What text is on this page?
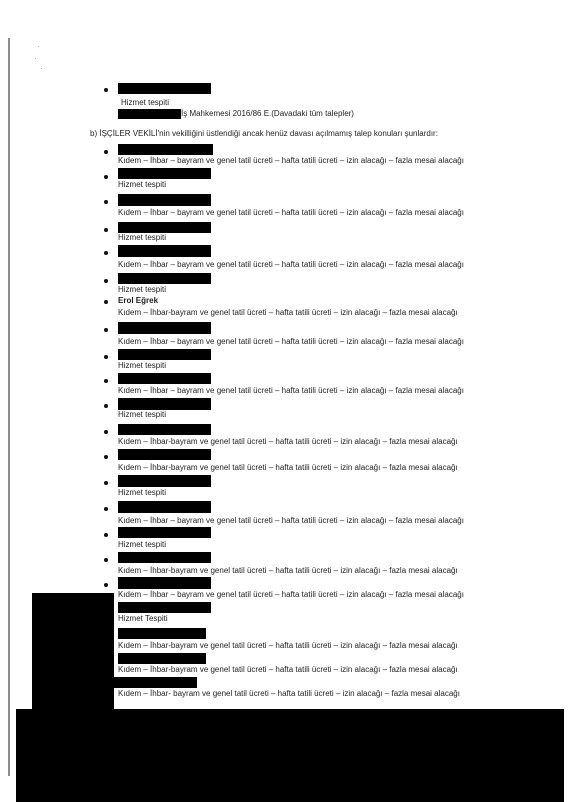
Hizmet tespiti
İş Mahkemesi 2016/86 E.(Davadaki tüm talepler)
b) İŞÇİLER VEKİLİ'nin vekilliğini üstlendiği ancak henüz davası açılmamış talep konuları şunlardır:
Kıdem – İhbar – bayram ve genel tatil ücreti – hafta tatili ücreti – izin alacağı – fazla mesai alacağı
Hizmet tespiti
Kıdem – İhbar – bayram ve genel tatil ücreti – hafta tatili ücreti – izin alacağı – fazla mesai alacağı
Hizmet tespiti
Kıdem – İhbar – bayram ve genel tatil ücreti – hafta tatili ücreti – izin alacağı – fazla mesai alacağı
Hizmet tespiti
Erol Eğrek
Kıdem – İhbar-bayram ve genel tatil ücreti – hafta tatili ücreti – izin alacağı – fazla mesai alacağı
Kıdem – İhbar – bayram ve genel tatil ücreti – hafta tatili ücreti – izin alacağı – fazla mesai alacağı
Hizmet tespiti
Kıdem – İhbar – bayram ve genel tatil ücreti – hafta tatili ücreti – izin alacağı – fazla mesai alacağı
Hizmet tespiti
Kıdem – İhbar-bayram ve genel tatil ücreti – hafta tatili ücreti – izin alacağı – fazla mesai alacağı
Kıdem – İhbar-bayram ve genel tatil ücreti – hafta tatili ücreti – izin alacağı – fazla mesai alacağı
Hizmet tespiti
Kıdem – İhbar – bayram ve genel tatil ücreti – hafta tatili ücreti – izin alacağı – fazla mesai alacağı
Hizmet tespiti
Kıdem – İhbar-bayram ve genel tatil ücreti – hafta tatili ücreti – izin alacağı – fazla mesai alacağı
Kıdem – İhbar – bayram ve genel tatil ücreti – hafta tatili ücreti – izin alacağı – fazla mesai alacağı
Hizmet Tespiti
Kıdem – İhbar-bayram ve genel tatil ücreti – hafta tatili ücreti – izin alacağı – fazla mesai alacağı
Kıdem – İhbar-bayram ve genel tatil ücreti – hafta tatili ücreti – izin alacağı – fazla mesai alacağı
Kıdem – İhbar- bayram ve genel tatil ücreti – hafta tatili ücreti – izin alacağı – fazla mesai alacağı
